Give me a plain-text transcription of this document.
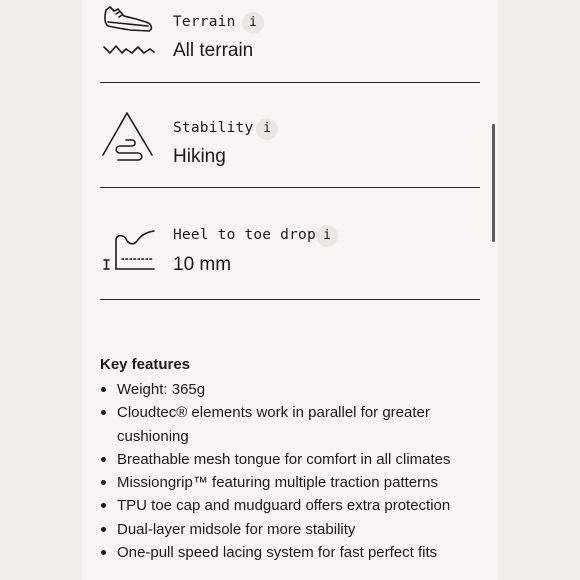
Terrain	i
All terrain
Stability i
Hiking
Heel to toe drop i
10 mm
Key features
Weight: 365g
Cloudtec® elements work in parallel for greater cushioning
Breathable mesh tongue for comfort in all climates
Missiongrip™ featuring multiple traction patterns
TPU toe cap and mudguard offers extra protection
Dual-layer midsole for more stability
One-pull speed lacing system for fast perfect fits
